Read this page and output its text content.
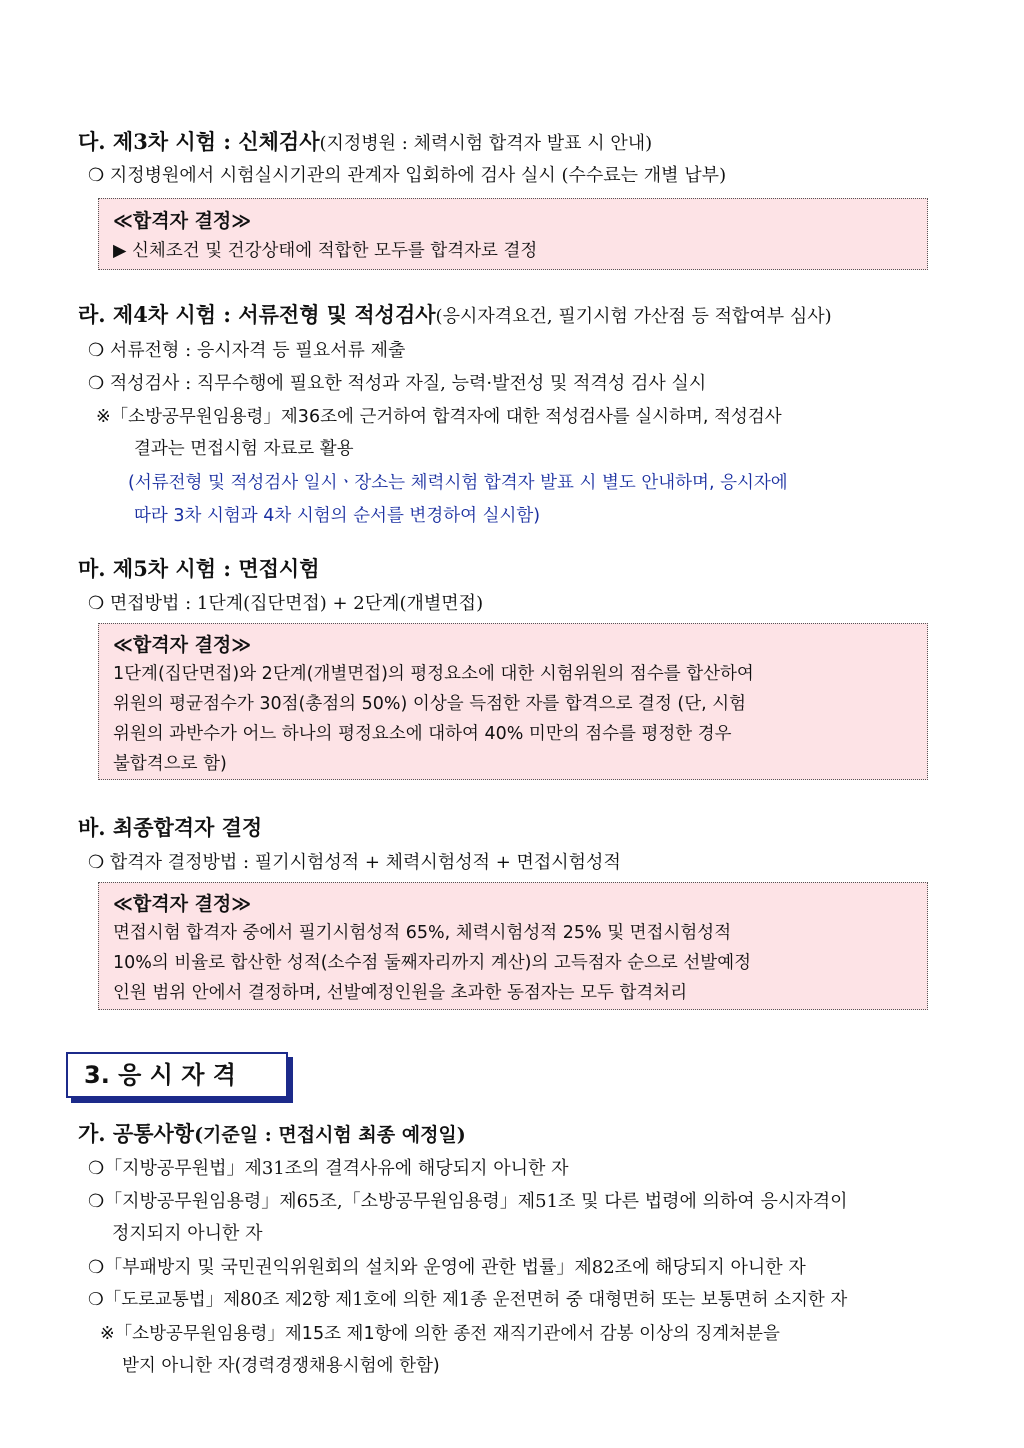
다. 제3차 시험 : 신체검사(지정병원 : 체력시험 합격자 발표 시 안내)
❍ 지정병원에서 시험실시기관의 관계자 입회하에 검사 실시 (수수료는 개별 납부)
≪합격자 결정≫
▶ 신체조건 및 건강상태에 적합한 모두를 합격자로 결정
라. 제4차 시험 : 서류전형 및 적성검사(응시자격요건, 필기시험 가산점 등 적합여부 심사)
❍ 서류전형 : 응시자격 등 필요서류 제출
❍ 적성검사 : 직무수행에 필요한 적성과 자질, 능력·발전성 및 적격성 검사 실시
※「소방공무원임용령」제36조에 근거하여 합격자에 대한 적성검사를 실시하며, 적성검사
결과는 면접시험 자료로 활용
(서류전형 및 적성검사 일시ㆍ장소는 체력시험 합격자 발표 시 별도 안내하며, 응시자에
따라 3차 시험과 4차 시험의 순서를 변경하여 실시함)
마. 제5차 시험 : 면접시험
❍ 면접방법 : 1단계(집단면접) + 2단계(개별면접)
≪합격자 결정≫
1단계(집단면접)와 2단계(개별면접)의 평정요소에 대한 시험위원의 점수를 합산하여
위원의 평균점수가 30점(총점의 50%) 이상을 득점한 자를 합격으로 결정 (단, 시험
위원의 과반수가 어느 하나의 평정요소에 대하여 40% 미만의 점수를 평정한 경우
불합격으로 함)
바. 최종합격자 결정
❍ 합격자 결정방법 : 필기시험성적 + 체력시험성적 + 면접시험성적
≪합격자 결정≫
면접시험 합격자 중에서 필기시험성적 65%, 체력시험성적 25% 및 면접시험성적
10%의 비율로 합산한 성적(소수점 둘째자리까지 계산)의 고득점자 순으로 선발예정
인원 범위 안에서 결정하며, 선발예정인원을 초과한 동점자는 모두 합격처리
3. 응 시 자 격
가. 공통사항(기준일 : 면접시험 최종 예정일)
❍「지방공무원법」제31조의 결격사유에 해당되지 아니한 자
❍「지방공무원임용령」제65조,「소방공무원임용령」제51조 및 다른 법령에 의하여 응시자격이
정지되지 아니한 자
❍「부패방지 및 국민권익위원회의 설치와 운영에 관한 법률」제82조에 해당되지 아니한 자
❍「도로교통법」제80조 제2항 제1호에 의한 제1종 운전면허 중 대형면허 또는 보통면허 소지한 자
※「소방공무원임용령」제15조 제1항에 의한 종전 재직기관에서 감봉 이상의 징계처분을
받지 아니한 자(경력경쟁채용시험에 한함)
